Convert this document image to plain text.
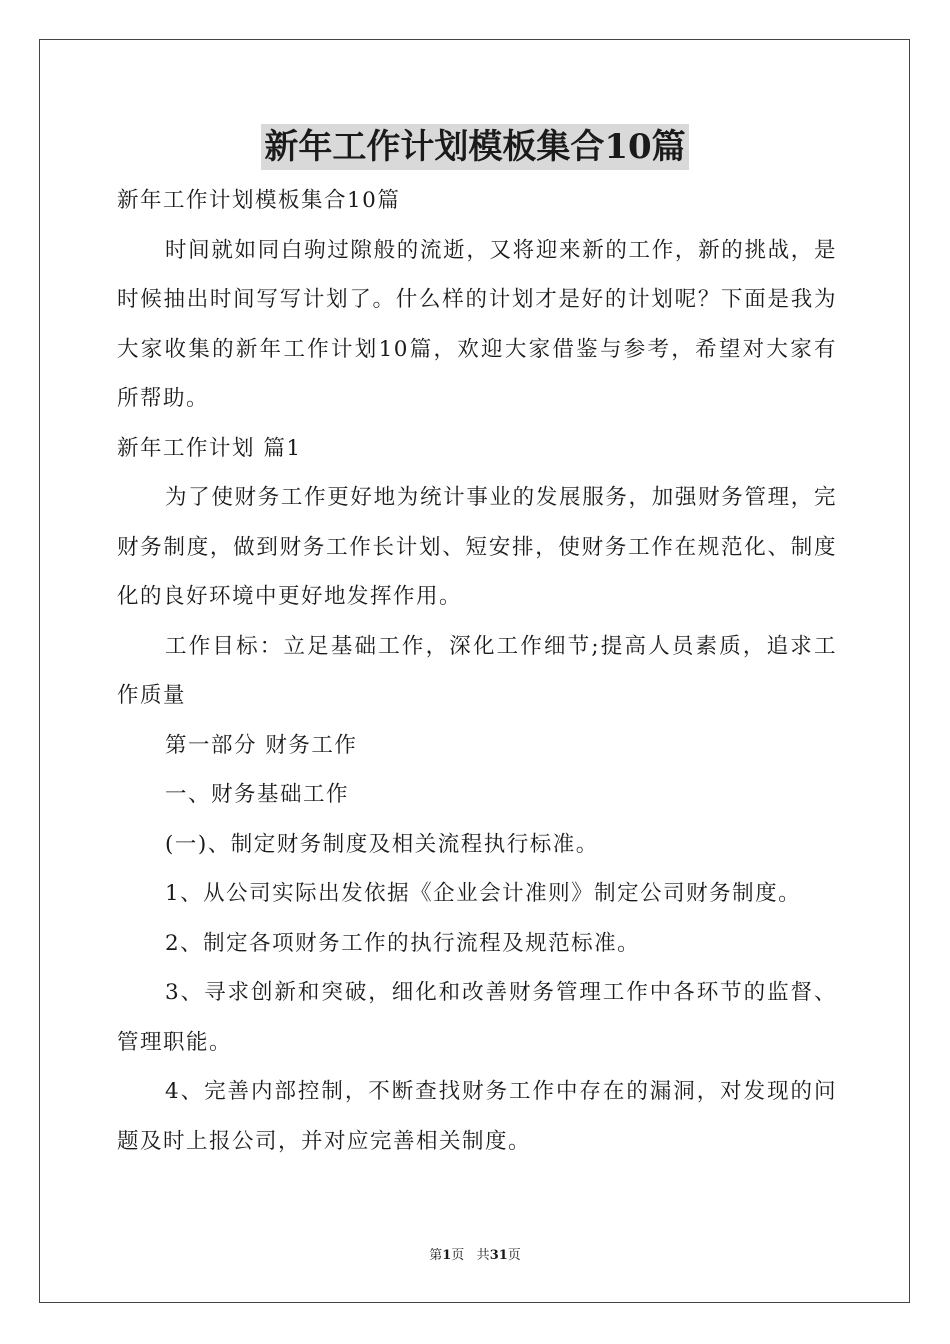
新年工作计划模板集合10篇

新年工作计划模板集合10篇

时间就如同白驹过隙般的流逝，又将迎来新的工作，新的挑战，是时候抽出时间写写计划了。什么样的计划才是好的计划呢？下面是我为大家收集的新年工作计划10篇，欢迎大家借鉴与参考，希望对大家有所帮助。

新年工作计划 篇1

为了使财务工作更好地为统计事业的发展服务，加强财务管理，完财务制度，做到财务工作长计划、短安排，使财务工作在规范化、制度化的良好环境中更好地发挥作用。

工作目标：立足基础工作，深化工作细节;提高人员素质，追求工作质量

第一部分 财务工作

一、财务基础工作

(一)、制定财务制度及相关流程执行标准。

1、从公司实际出发依据《企业会计准则》制定公司财务制度。

2、制定各项财务工作的执行流程及规范标准。

3、寻求创新和突破，细化和改善财务管理工作中各环节的监督、管理职能。

4、完善内部控制，不断查找财务工作中存在的漏洞，对发现的问题及时上报公司，并对应完善相关制度。

第1页 共31页
